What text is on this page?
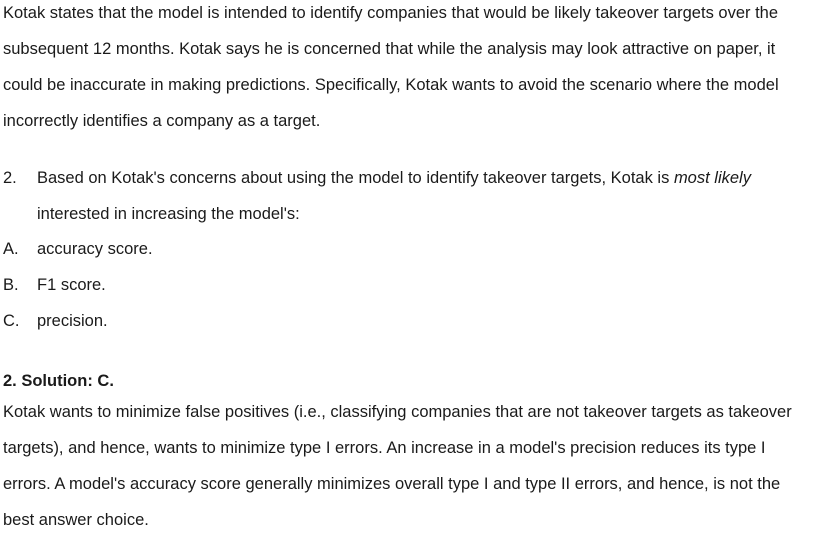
Kotak states that the model is intended to identify companies that would be likely takeover targets over the subsequent 12 months. Kotak says he is concerned that while the analysis may look attractive on paper, it could be inaccurate in making predictions. Specifically, Kotak wants to avoid the scenario where the model incorrectly identifies a company as a target.

2.	Based on Kotak's concerns about using the model to identify takeover targets, Kotak is most likely interested in increasing the model's:
A. accuracy score.
B. F1 score.
C. precision.
2. Solution: C.

Kotak wants to minimize false positives (i.e., classifying companies that are not takeover targets as takeover targets), and hence, wants to minimize type I errors. An increase in a model's precision reduces its type I errors. A model's accuracy score generally minimizes overall type I and type II errors, and hence, is not the best answer choice.
